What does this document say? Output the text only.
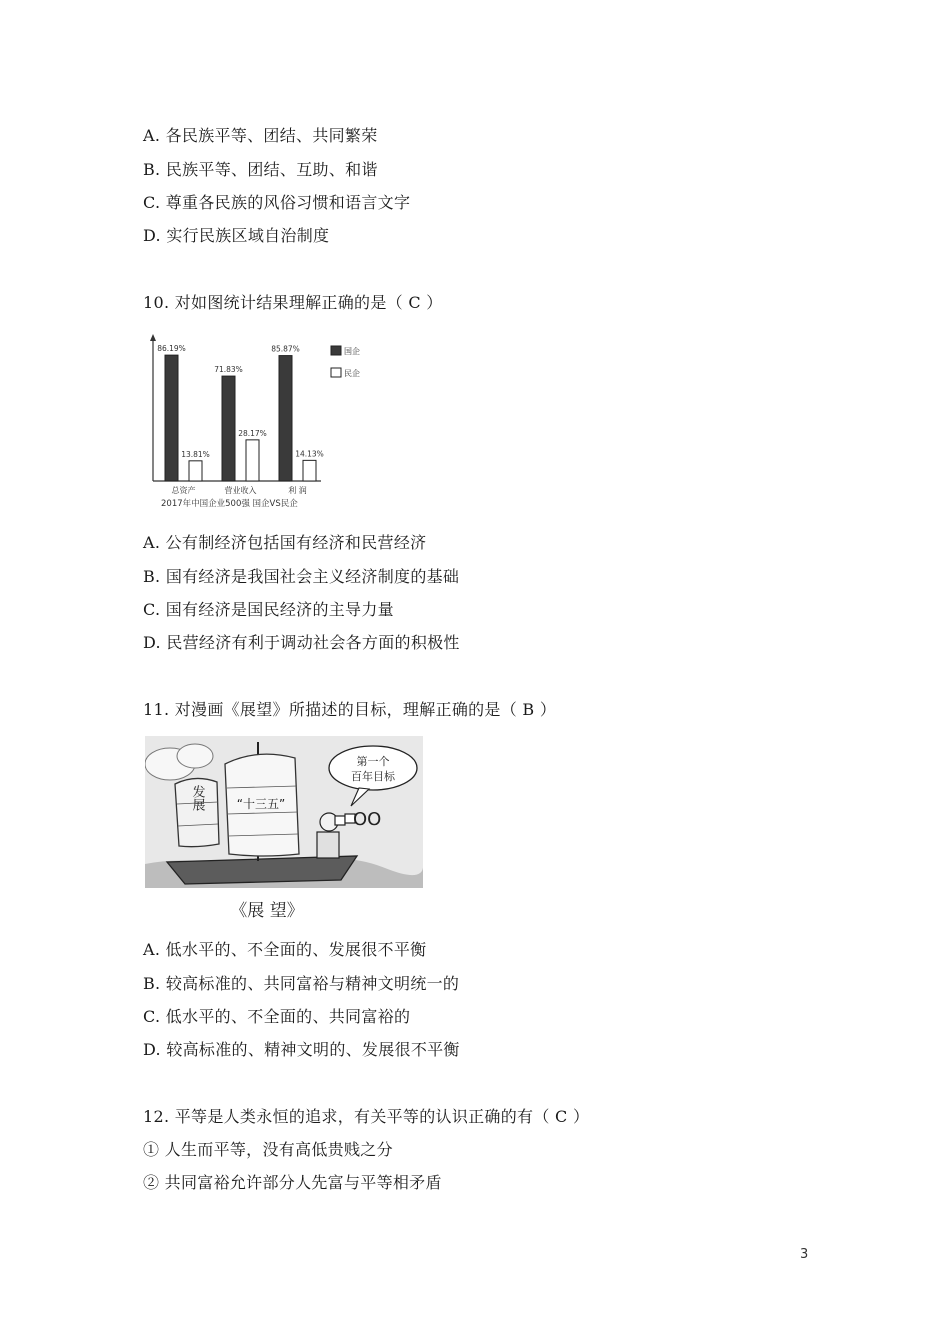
A. 各民族平等、团结、共同繁荣
B. 民族平等、团结、互助、和谐
C. 尊重各民族的风俗习惯和语言文字
D. 实行民族区域自治制度
10. 对如图统计结果理解正确的是（ C ）
86.19%
13.81%
总资产
71.83%
28.17%
营业收入
85.87%
14.13%
利 润
国企
民企
2017年中国企业500强 国企VS民企
A. 公有制经济包括国有经济和民营经济
B. 国有经济是我国社会主义经济制度的基础
C. 国有经济是国民经济的主导力量
D. 民营经济有利于调动社会各方面的积极性
11. 对漫画《展望》所描述的目标，理解正确的是（ B ）
发展	“十三五”
OO
第一个
百年目标
《展 望》
A. 低水平的、不全面的、发展很不平衡
B. 较高标准的、共同富裕与精神文明统一的
C. 低水平的、不全面的、共同富裕的
D. 较高标准的、精神文明的、发展很不平衡
12. 平等是人类永恒的追求，有关平等的认识正确的有（ C ）
① 人生而平等，没有高低贵贱之分
② 共同富裕允许部分人先富与平等相矛盾
3
